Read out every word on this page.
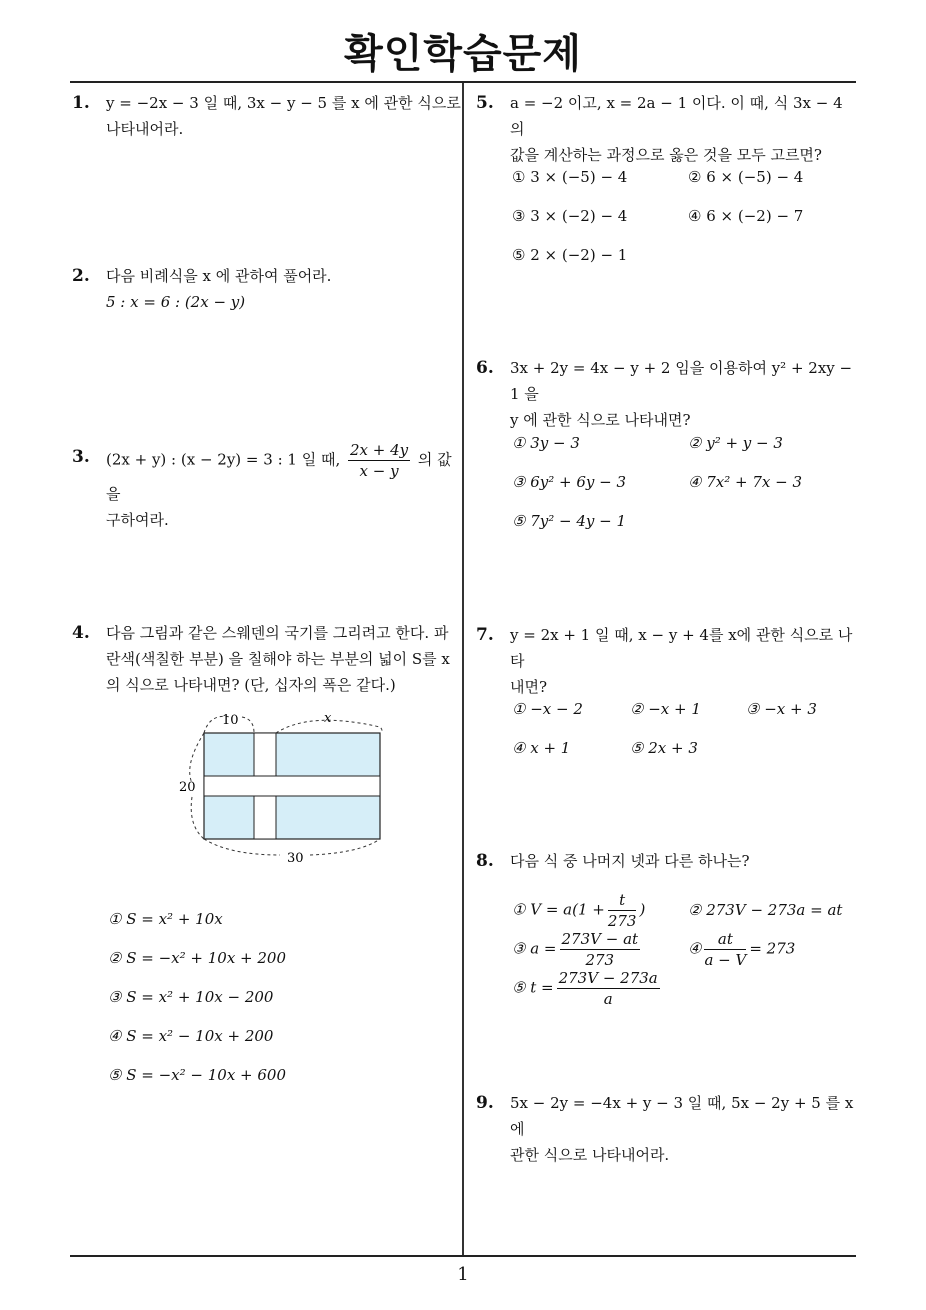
확인학습문제
1
1. y = −2x − 3 일 때, 3x − y − 5 를 x 에 관한 식으로
나타내어라.
2. 다음 비례식을 x 에 관하여 풀어라.
5 : x = 6 : (2x − y)
3. (2x + y) : (x − 2y) = 3 : 1 일 때, $\frac{2x + 4y}{x - y}$ 의 값을
구하여라.
4. 다음 그림과 같은 스웨덴의 국기를 그리려고 한다. 파
란색(색칠한 부분) 을 칠해야 하는 부분의 넓이 S를 x
의 식으로 나타내면? (단, 십자의 폭은 같다.)
10	x
20
30
① S = x² + 10x
② S = −x² + 10x + 200
③ S = x² + 10x − 200
④ S = x² − 10x + 200
⑤ S = −x² − 10x + 600
5. a = −2 이고, x = 2a − 1 이다. 이 때, 식 3x − 4 의
값을 계산하는 과정으로 옳은 것을 모두 고르면?
① 3 × (−5) − 4	② 6 × (−5) − 4
③ 3 × (−2) − 4	④ 6 × (−2) − 7
⑤ 2 × (−2) − 1
6. 3x + 2y = 4x − y + 2 임을 이용하여 y² + 2xy − 1 을
y 에 관한 식으로 나타내면?
① 3y − 3	② y² + y − 3
③ 6y² + 6y − 3	④ 7x² + 7x − 3
⑤ 7y² − 4y − 1
7. y = 2x + 1 일 때, x − y + 4를 x에 관한 식으로 나타
내면?
① −x − 2	② −x + 1	③ −x + 3
④ x + 1	⑤ 2x + 3
8. 다음 식 중 나머지 넷과 다른 하나는?
① $V = a(1 + \frac{t}{273}$ )	② 273V − 273a = at
③ $a = \frac{273V - at}{273}$	④ $\frac{at}{a - V} = 273$
⑤ $t = \frac{273V - 273a}{a}$
9. 5x − 2y = −4x + y − 3 일 때, 5x − 2y + 5 를 x 에
관한 식으로 나타내어라.
